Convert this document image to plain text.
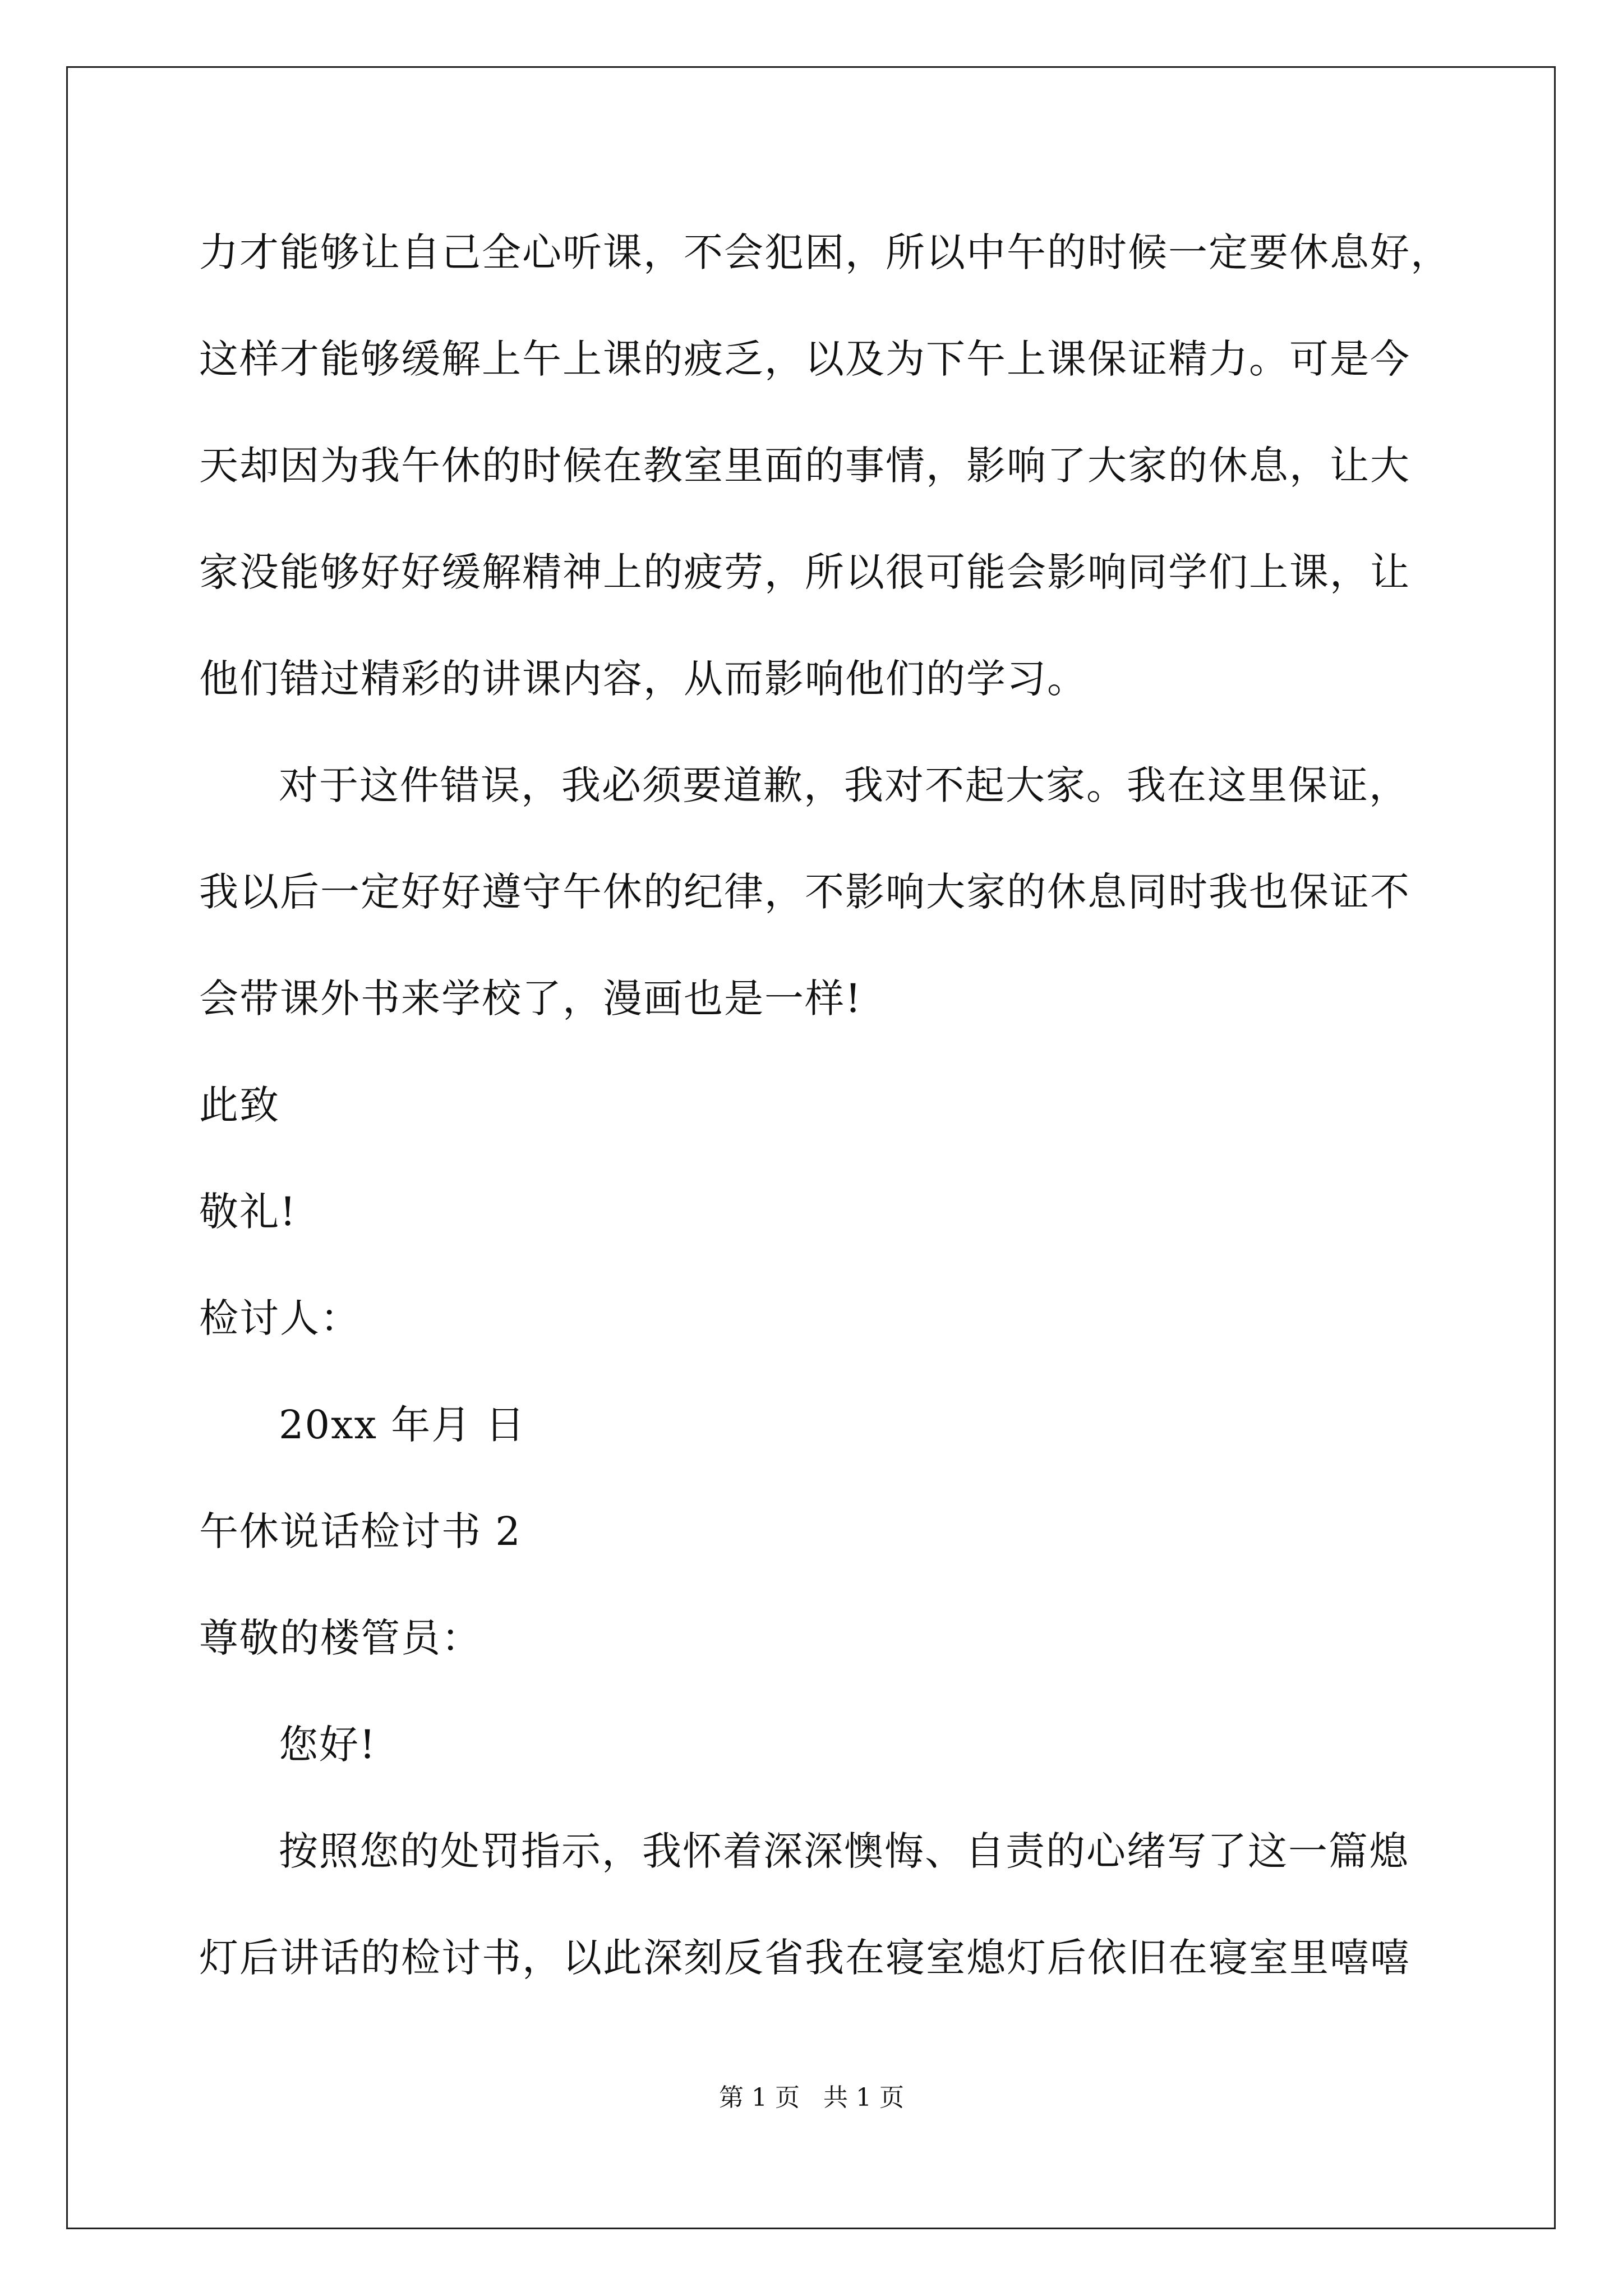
力才能够让自己全心听课，不会犯困，所以中午的时候一定要休息好，
这样才能够缓解上午上课的疲乏，以及为下午上课保证精力。可是今
天却因为我午休的时候在教室里面的事情，影响了大家的休息，让大
家没能够好好缓解精神上的疲劳，所以很可能会影响同学们上课，让
他们错过精彩的讲课内容，从而影响他们的学习。
对于这件错误，我必须要道歉，我对不起大家。我在这里保证，
我以后一定好好遵守午休的纪律，不影响大家的休息同时我也保证不
会带课外书来学校了，漫画也是一样!
此致
敬礼!
检讨人：
20xx 年月 日
午休说话检讨书 2
尊敬的楼管员：
您好!
按照您的处罚指示，我怀着深深懊悔、自责的心绪写了这一篇熄
灯后讲话的检讨书，以此深刻反省我在寝室熄灯后依旧在寝室里嘻嘻
第 1 页   共 1 页
